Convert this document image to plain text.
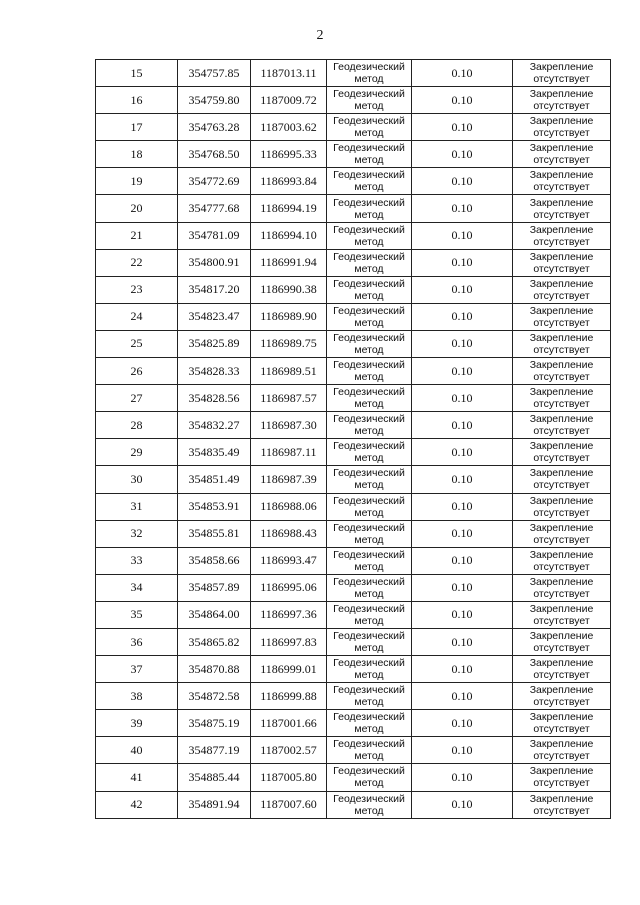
2
15	354757.85	1187013.11	Геодезический метод	0.10	Закрепление отсутствует
16	354759.80	1187009.72	Геодезический метод	0.10	Закрепление отсутствует
17	354763.28	1187003.62	Геодезический метод	0.10	Закрепление отсутствует
18	354768.50	1186995.33	Геодезический метод	0.10	Закрепление отсутствует
19	354772.69	1186993.84	Геодезический метод	0.10	Закрепление отсутствует
20	354777.68	1186994.19	Геодезический метод	0.10	Закрепление отсутствует
21	354781.09	1186994.10	Геодезический метод	0.10	Закрепление отсутствует
22	354800.91	1186991.94	Геодезический метод	0.10	Закрепление отсутствует
23	354817.20	1186990.38	Геодезический метод	0.10	Закрепление отсутствует
24	354823.47	1186989.90	Геодезический метод	0.10	Закрепление отсутствует
25	354825.89	1186989.75	Геодезический метод	0.10	Закрепление отсутствует
26	354828.33	1186989.51	Геодезический метод	0.10	Закрепление отсутствует
27	354828.56	1186987.57	Геодезический метод	0.10	Закрепление отсутствует
28	354832.27	1186987.30	Геодезический метод	0.10	Закрепление отсутствует
29	354835.49	1186987.11	Геодезический метод	0.10	Закрепление отсутствует
30	354851.49	1186987.39	Геодезический метод	0.10	Закрепление отсутствует
31	354853.91	1186988.06	Геодезический метод	0.10	Закрепление отсутствует
32	354855.81	1186988.43	Геодезический метод	0.10	Закрепление отсутствует
33	354858.66	1186993.47	Геодезический метод	0.10	Закрепление отсутствует
34	354857.89	1186995.06	Геодезический метод	0.10	Закрепление отсутствует
35	354864.00	1186997.36	Геодезический метод	0.10	Закрепление отсутствует
36	354865.82	1186997.83	Геодезический метод	0.10	Закрепление отсутствует
37	354870.88	1186999.01	Геодезический метод	0.10	Закрепление отсутствует
38	354872.58	1186999.88	Геодезический метод	0.10	Закрепление отсутствует
39	354875.19	1187001.66	Геодезический метод	0.10	Закрепление отсутствует
40	354877.19	1187002.57	Геодезический метод	0.10	Закрепление отсутствует
41	354885.44	1187005.80	Геодезический метод	0.10	Закрепление отсутствует
42	354891.94	1187007.60	Геодезический метод	0.10	Закрепление отсутствует
